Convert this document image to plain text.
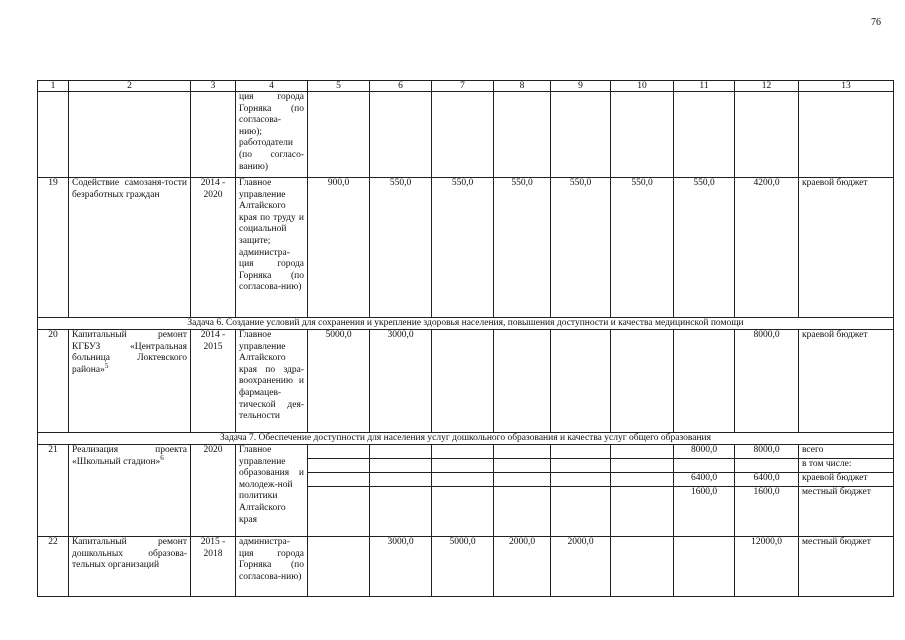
76
1	2	3	4	5	6	7	8	9	10	11	12	13
			ция города Горняка (по согласова-нию); работодатели (по согласо-ванию)									
19	Содействие самозаня-тости безработных граждан	2014 - 2020	Главное управление Алтайского края по труду и социальной защите; администра-ция города Горняка (по согласова-нию)	900,0	550,0	550,0	550,0	550,0	550,0	550,0	4200,0	краевой бюджет
Задача 6. Создание условий для сохранения и укрепление здоровья населения, повышения доступности и качества медицинской помощи												
20	Капитальный ремонт КГБУЗ «Центральная больница Локтевского района»$^5$	2014 - 2015	Главное управление Алтайского края по здра-воохранению и фармацев-тической дея-тельности	5000,0	3000,0						8000,0	краевой бюджет
Задача 7. Обеспечение доступности для населения услуг дошкольного образования и качества услуг общего образования												
21	Реализация проекта «Школьный стадион»$^6$	2020	Главное управление образования и молодеж-ной политики Алтайского края							8000,0	8000,0	всего
												в том числе:
										6400,0	6400,0	краевой бюджет
										1600,0	1600,0	местный бюджет
22	Капитальный ремонт дошкольных образова-тельных организаций	2015 - 2018	администра-ция города Горняка (по согласова-нию)		3000,0	5000,0	2000,0	2000,0			12000,0	местный бюджет
